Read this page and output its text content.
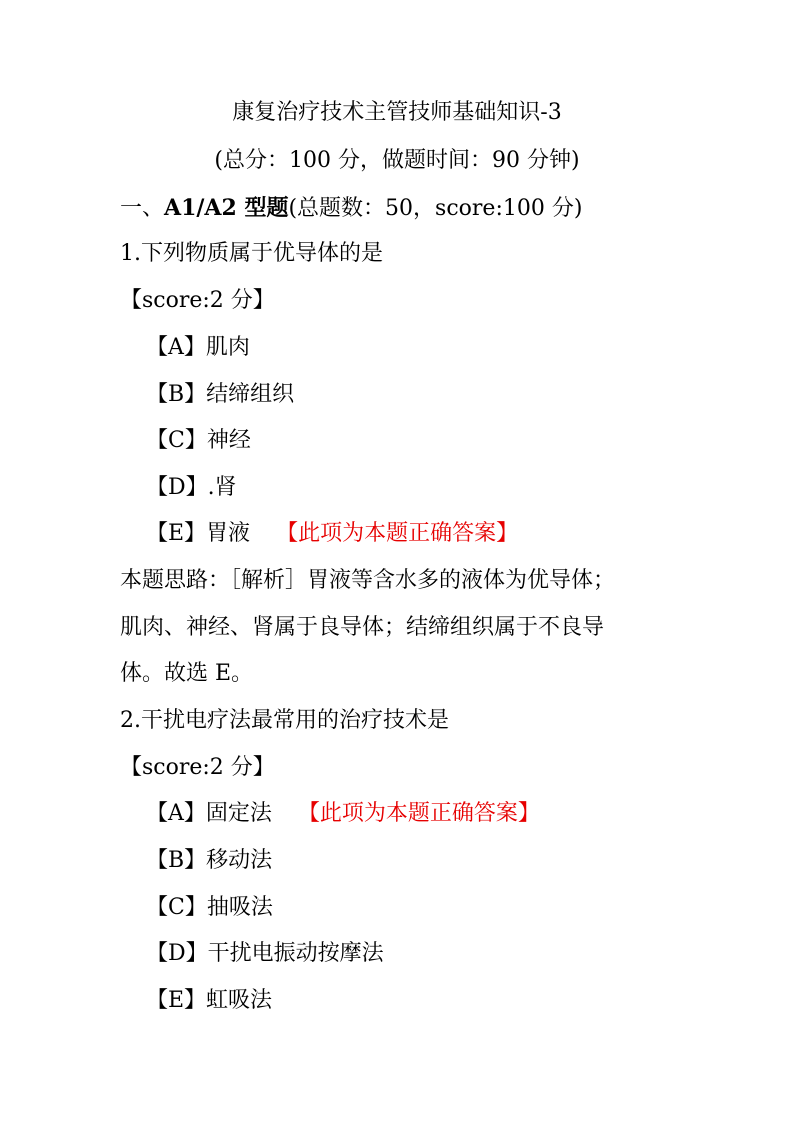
康复治疗技术主管技师基础知识-3
(总分：100 分，做题时间：90 分钟)
一、A1/A2 型题(总题数：50，score:100 分)
1.下列物质属于优导体的是
【score:2 分】
【A】肌肉
【B】结缔组织
【C】神经
【D】.肾
【E】胃液 【此项为本题正确答案】
本题思路：［解析］胃液等含水多的液体为优导体；
肌肉、神经、肾属于良导体；结缔组织属于不良导
体。故选 E。
2.干扰电疗法最常用的治疗技术是
【score:2 分】
【A】固定法 【此项为本题正确答案】
【B】移动法
【C】抽吸法
【D】干扰电振动按摩法
【E】虹吸法
